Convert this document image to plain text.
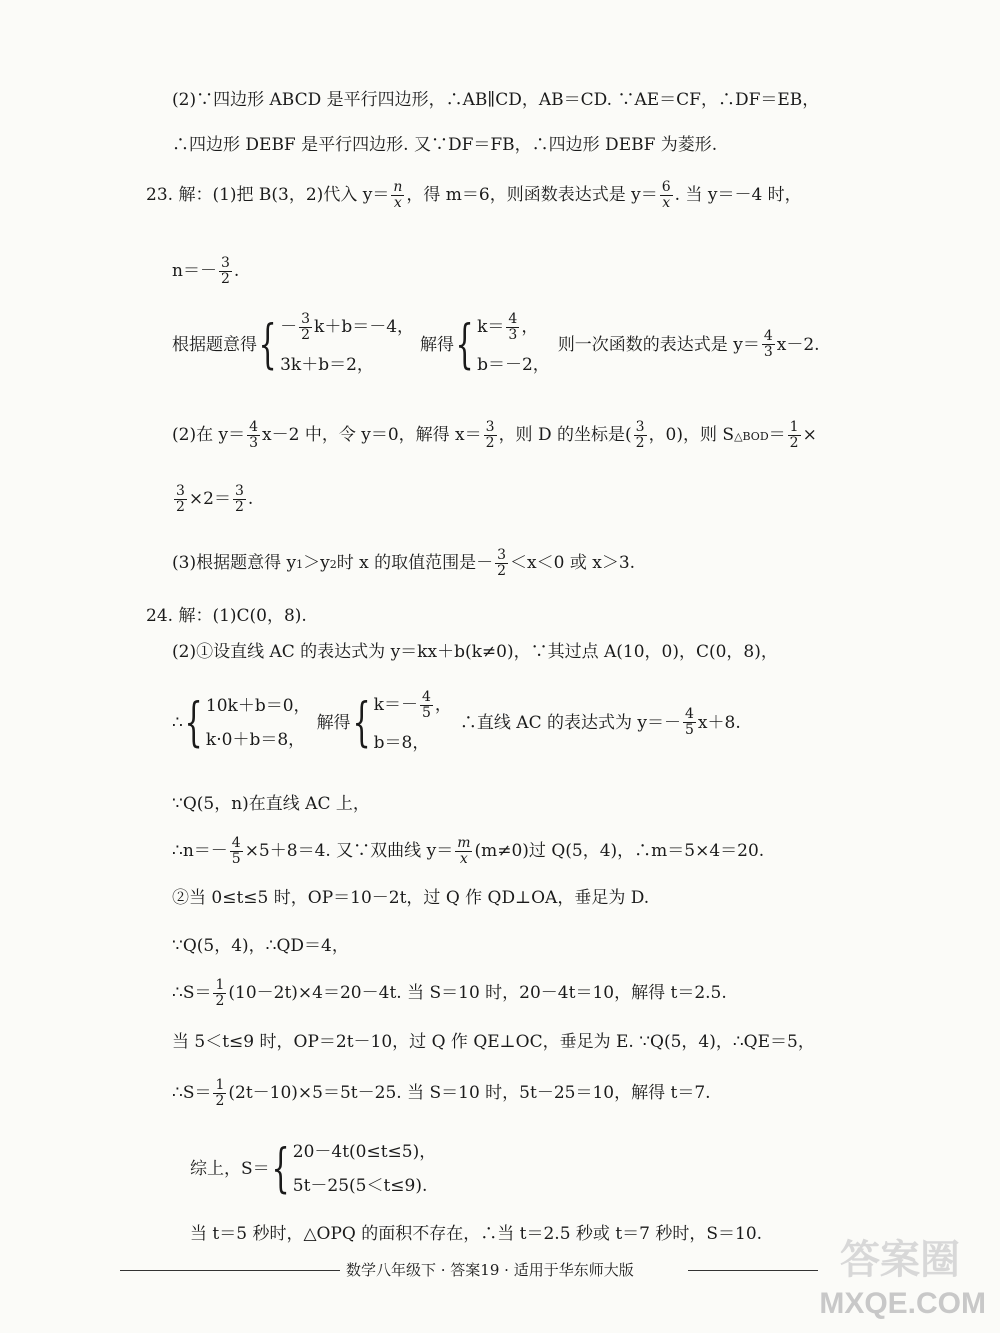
(2)∵四边形 ABCD 是平行四边形，∴AB∥CD，AB＝CD. ∵AE＝CF，∴DF＝EB，
∴四边形 DEBF 是平行四边形. 又∵DF＝FB，∴四边形 DEBF 为菱形.
23. 解：(1)把 B(3，2)代入 $y= \frac{n}{x}$ ，得 m＝6，则函数表达式是 $y= \frac{6}{x}$ . 当 y＝－4 时，
$n=- \frac{3}{2}$ .
根据题意得 { － $\frac{3}{2} k+b=-4$，
3k＋b＝2，
解得 { $k= \frac{4}{3}$ ，
b＝－2，
则一次函数的表达式是 $y= \frac{4}{3} x-2$.
(2)在 $y= \frac{4}{3} x-2$ 中，令 y＝0，解得 $x= \frac{3}{2}$ ，则 D 的坐标是( $\frac{3}{2}$ ，0)，则 S△BOD＝ $\frac{1}{2}$ ×
$\frac{3}{2} \times 2= \frac{3}{2}$ .
(3)根据题意得 y1＞y2时 x 的取值范围是－ $\frac{3}{2} <x<0$ 或 x＞3.
24. 解：(1)C(0，8).
(2)①设直线 AC 的表达式为 y＝kx＋b(k≠0)，∵其过点 A(10，0)，C(0，8)，
∴ { 10k＋b＝0，
k·0＋b＝8，
解得 { $k=- \frac{4}{5}$ ，
b＝8，
∴直线 AC 的表达式为 $y=- \frac{4}{5} x+8$.
∵Q(5，n)在直线 AC 上，
∴n＝－ $\frac{4}{5} \times 5+8=4$. 又∵双曲线 $y= \frac{m}{x} (m\ne 0)$过 Q(5，4)，∴m＝5×4＝20.
②当 0≤t≤5 时，OP＝10－2t，过 Q 作 QD⊥OA，垂足为 D.
∵Q(5，4)，∴QD＝4，
∴S＝ $\frac{1}{2} (10-2t)\times 4=20-4t$. 当 S＝10 时，20－4t＝10，解得 t＝2.5.
当 5＜t≤9 时，OP＝2t－10，过 Q 作 QE⊥OC，垂足为 E. ∵Q(5，4)，∴QE＝5，
∴S＝ $\frac{1}{2} (2t-10)\times 5=5t-25$. 当 S＝10 时，5t－25＝10，解得 t＝7.
综上，S＝ { 20－4t(0≤t≤5)，
5t－25(5＜t≤9).
当 t＝5 秒时，△OPQ 的面积不存在，∴当 t＝2.5 秒或 t＝7 秒时，S＝10.
数学八年级下 · 答案19 · 适用于华东师大版	答案圈
MXQE.COM
